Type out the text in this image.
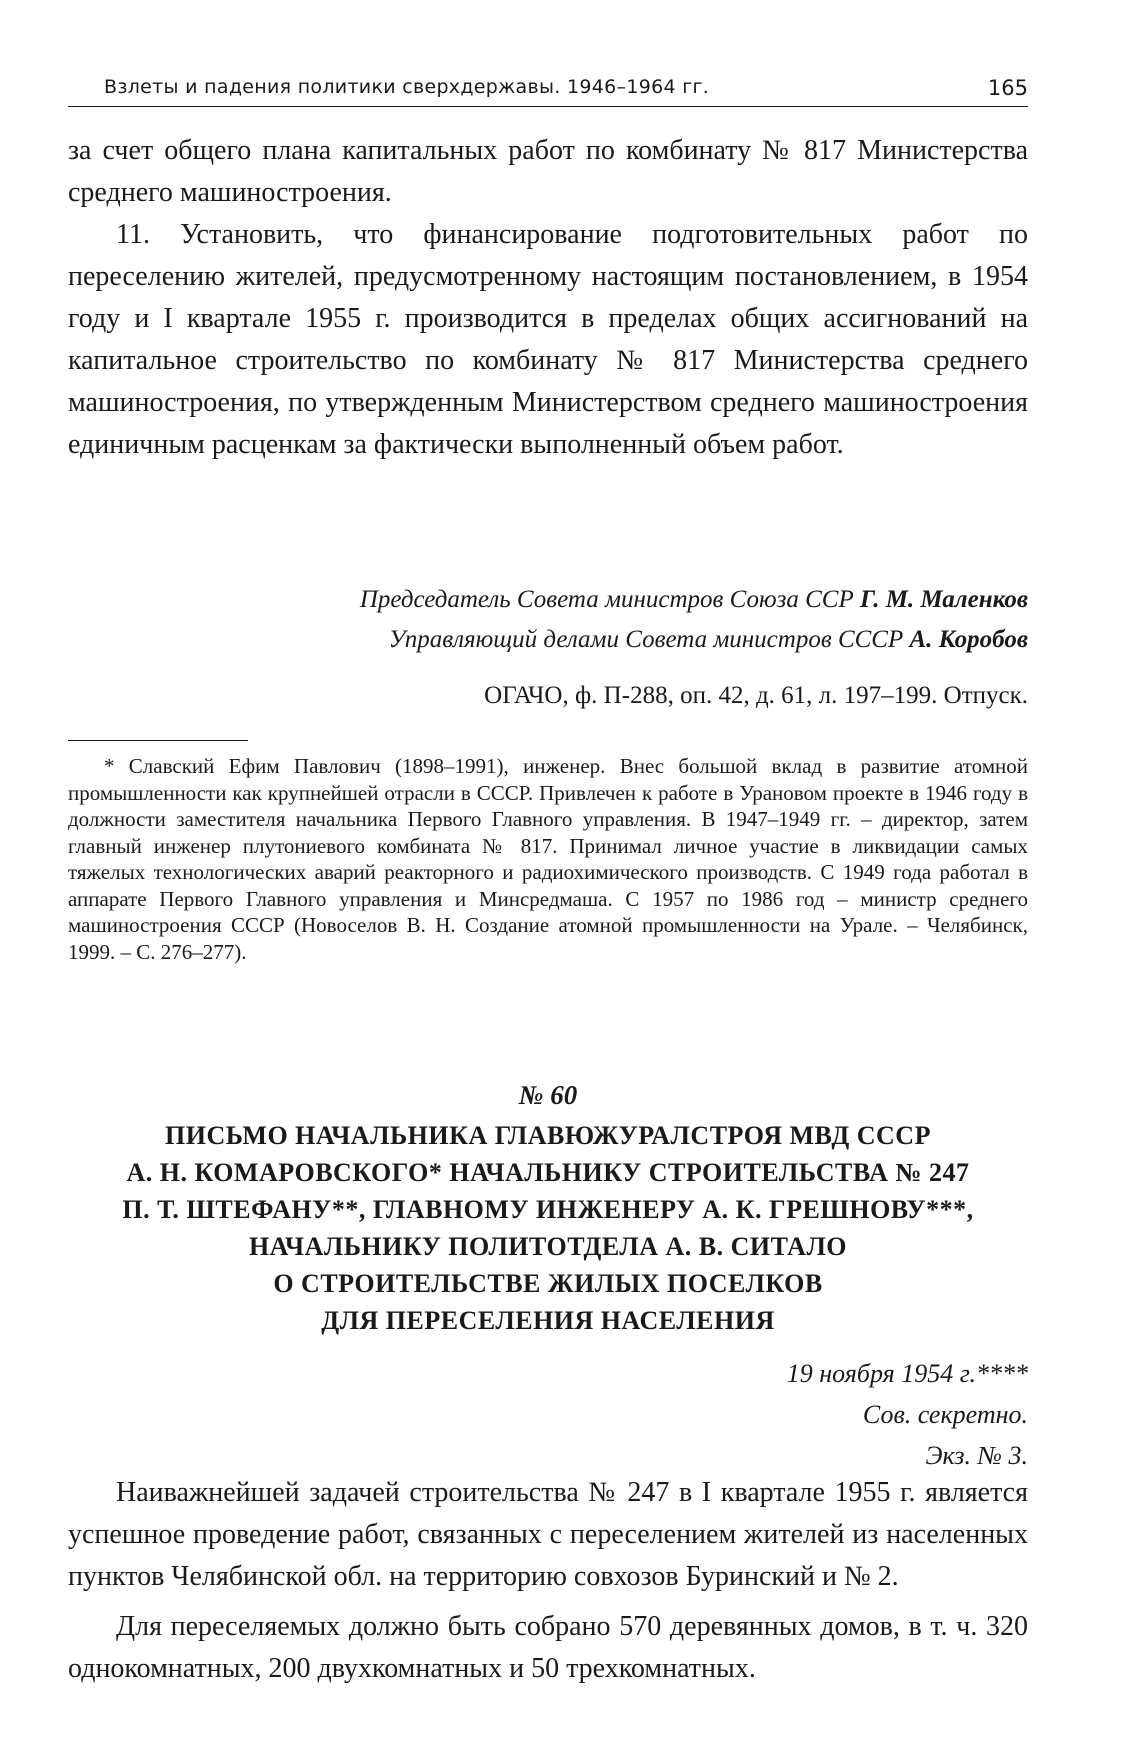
Взлеты и падения политики сверхдержавы. 1946–1964 гг.	165

за счет общего плана капитальных работ по комбинату № 817 Министерства среднего машиностроения.

11. Установить, что финансирование подготовительных работ по переселению жителей, предусмотренному настоящим постановлением, в 1954 году и I квартале 1955 г. производится в пределах общих ассигнований на капитальное строительство по комбинату № 817 Министерства среднего машиностроения, по утвержденным Министерством среднего машиностроения единичным расценкам за фактически выполненный объем работ.

Председатель Совета министров Союза ССР Г. М. Маленков
Управляющий делами Совета министров СССР А. Коробов
ОГАЧО, ф. П-288, оп. 42, д. 61, л. 197–199. Отпуск.

* Славский Ефим Павлович (1898–1991), инженер. Внес большой вклад в развитие атомной промышленности как крупнейшей отрасли в СССР. Привлечен к работе в Урановом проекте в 1946 году в должности заместителя начальника Первого Главного управления. В 1947–1949 гг. – директор, затем главный инженер плутониевого комбината № 817. Принимал личное участие в ликвидации самых тяжелых технологических аварий реакторного и радиохимического производств. С 1949 года работал в аппарате Первого Главного управления и Минсредмаша. С 1957 по 1986 год – министр среднего машиностроения СССР (Новоселов В. Н. Создание атомной промышленности на Урале. – Челябинск, 1999. – С. 276–277).

№ 60
ПИСЬМО НАЧАЛЬНИКА ГЛАВЮЖУРАЛСТРОЯ МВД СССР
А. Н. КОМАРОВСКОГО* НАЧАЛЬНИКУ СТРОИТЕЛЬСТВА № 247
П. Т. ШТЕФАНУ**, ГЛАВНОМУ ИНЖЕНЕРУ А. К. ГРЕШНОВУ***,
НАЧАЛЬНИКУ ПОЛИТОТДЕЛА А. В. СИТАЛО
О СТРОИТЕЛЬСТВЕ ЖИЛЫХ ПОСЕЛКОВ
ДЛЯ ПЕРЕСЕЛЕНИЯ НАСЕЛЕНИЯ
19 ноября 1954 г.****
Сов. секретно.
Экз. № 3.

Наиважнейшей задачей строительства № 247 в I квартале 1955 г. является успешное проведение работ, связанных с переселением жителей из населенных пунктов Челябинской обл. на территорию совхозов Буринский и № 2.

Для переселяемых должно быть собрано 570 деревянных домов, в т. ч. 320 однокомнатных, 200 двухкомнатных и 50 трехкомнатных.
